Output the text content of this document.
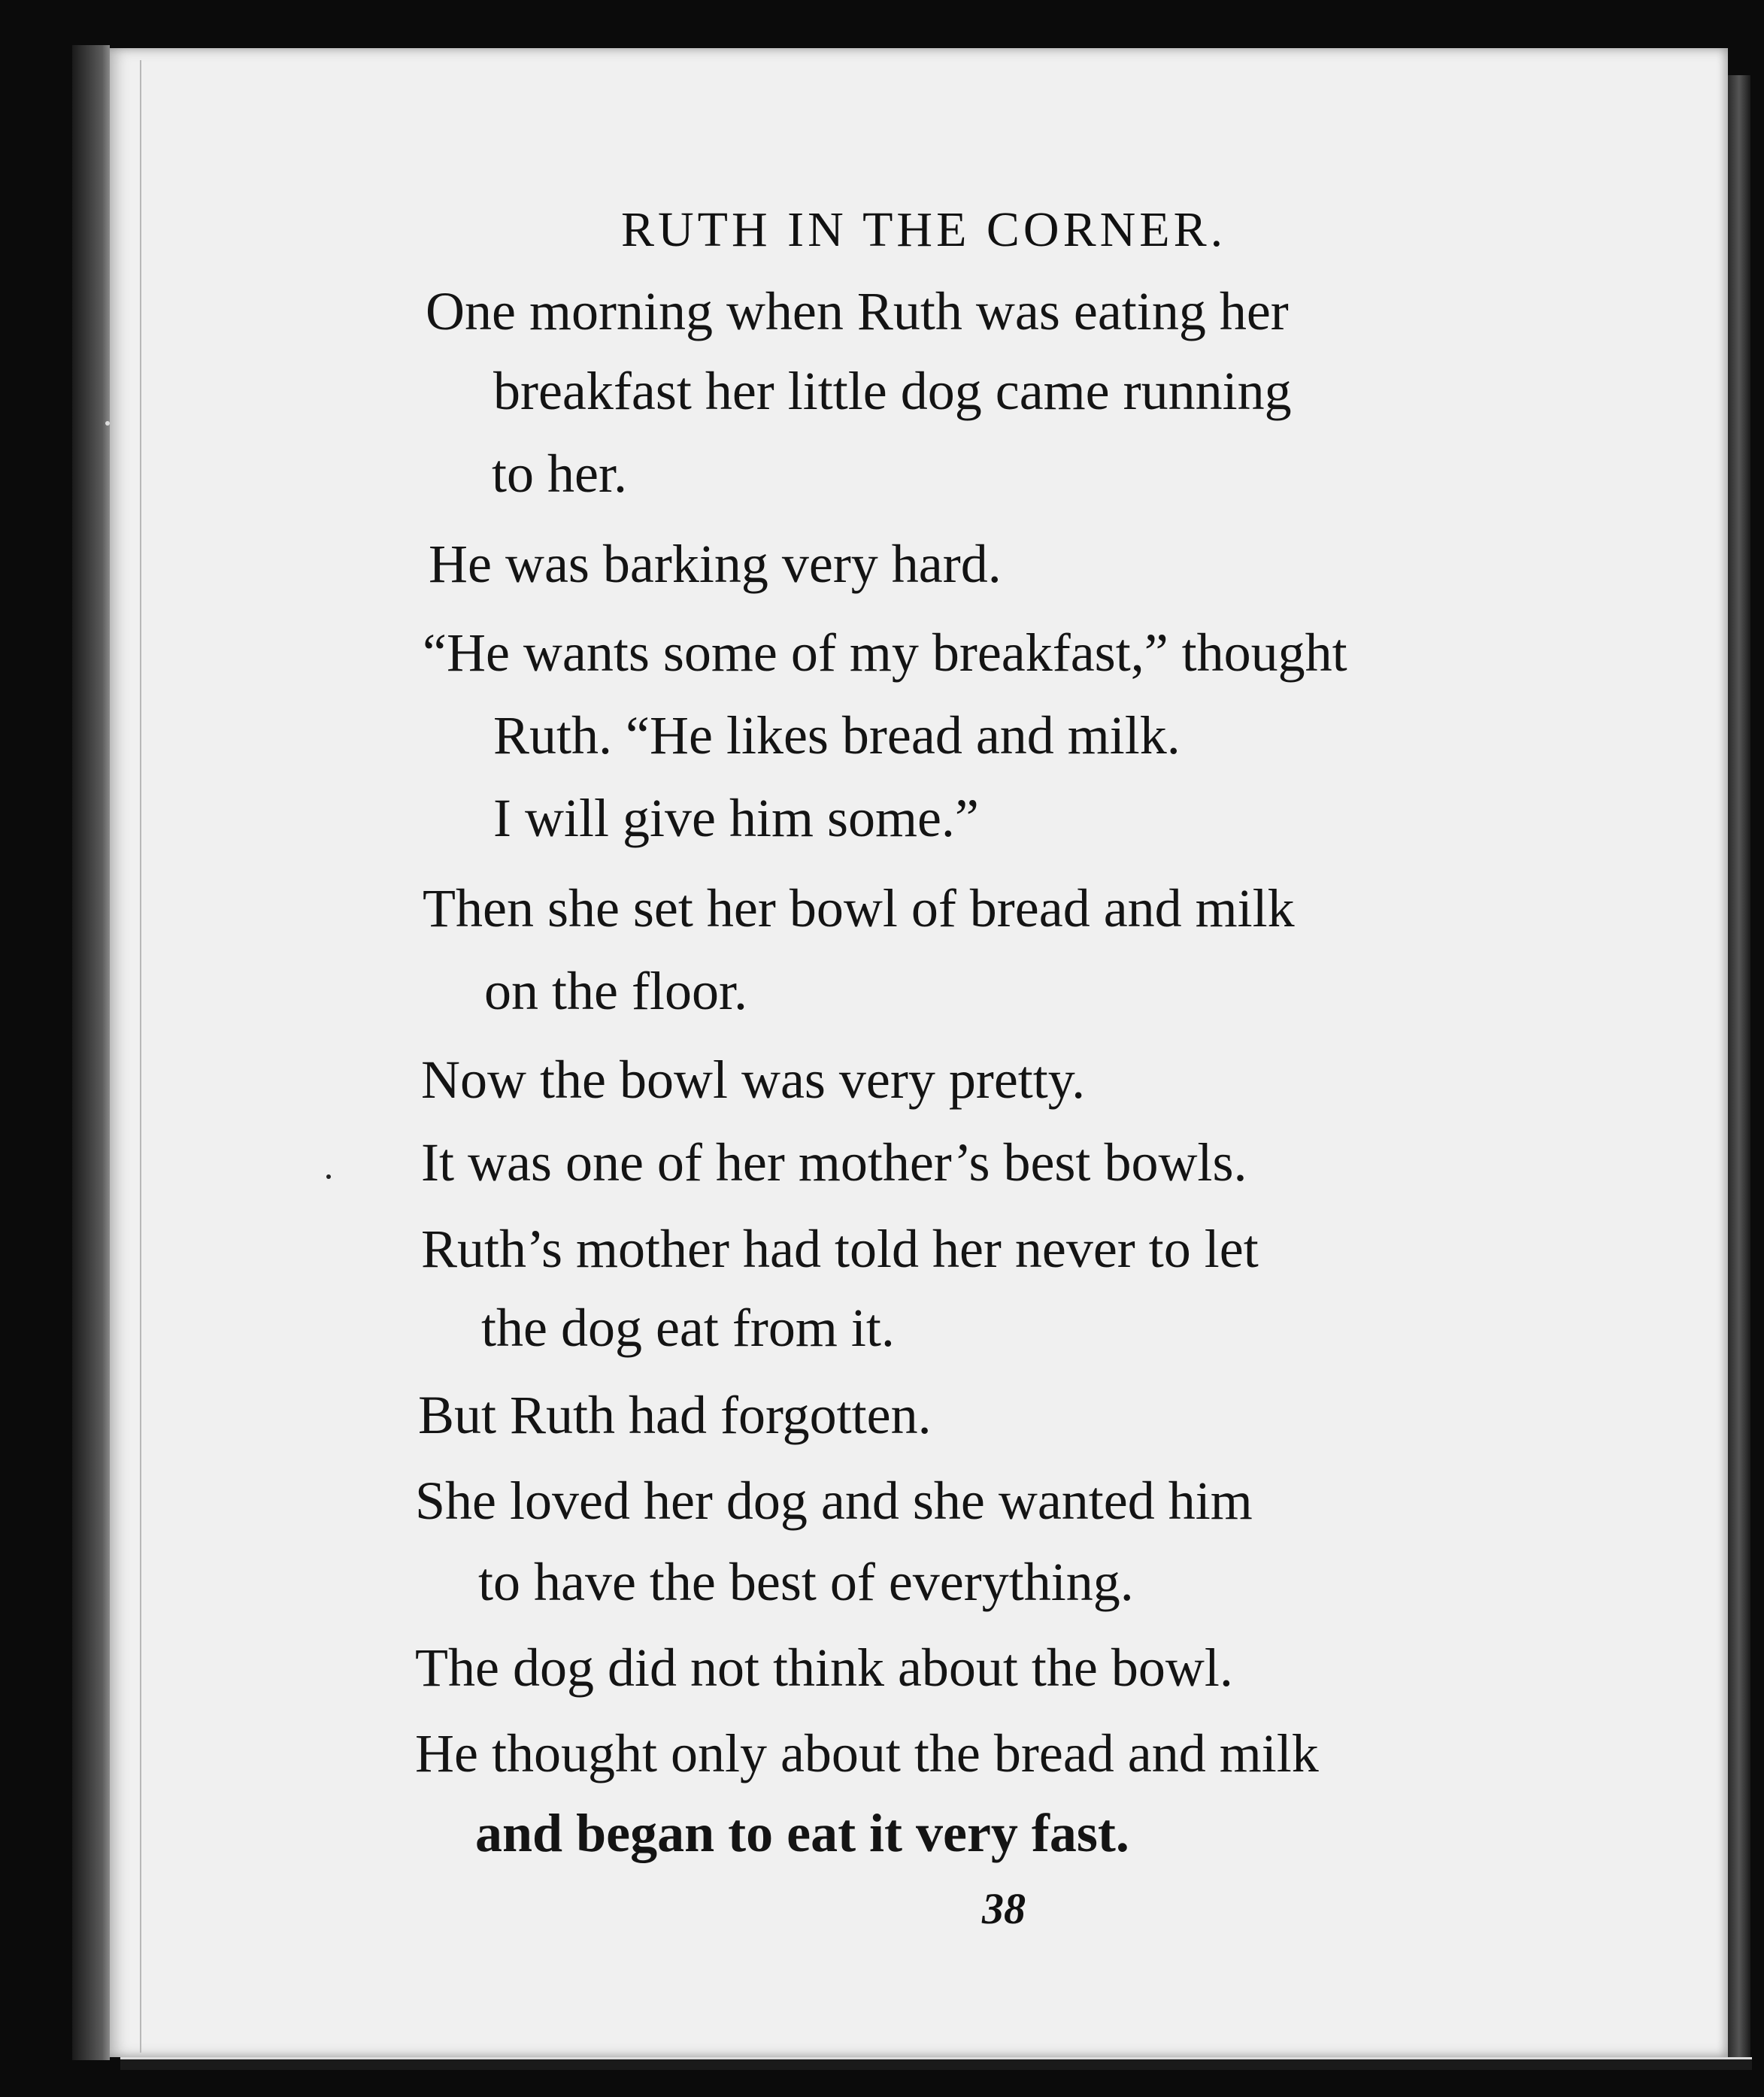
RUTH IN THE CORNER.
One morning when Ruth was eating her
breakfast her little dog came running
to her.
He was barking very hard.
“He wants some of my breakfast,” thought
Ruth. “He likes bread and milk.
I will give him some.”
Then she set her bowl of bread and milk
on the floor.
Now the bowl was very pretty.
It was one of her mother’s best bowls.
Ruth’s mother had told her never to let
the dog eat from it.
But Ruth had forgotten.
She loved her dog and she wanted him
to have the best of everything.
The dog did not think about the bowl.
He thought only about the bread and milk
and began to eat it very fast.
38
